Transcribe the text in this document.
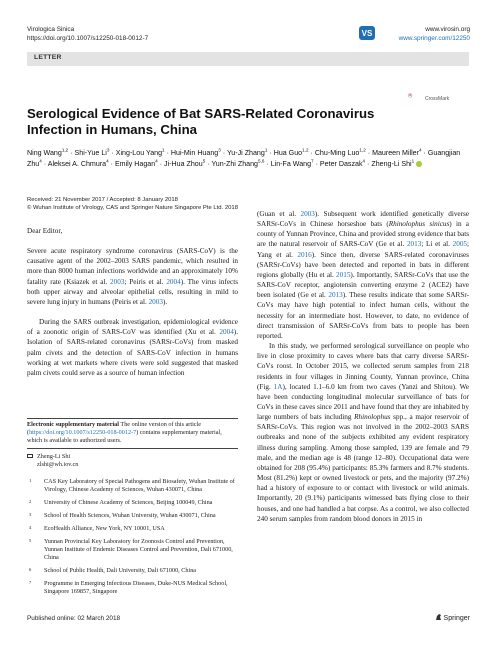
Virologica Sinica
https://doi.org/10.1007/s12250-018-0012-7
VS	www.virosin.org
www.springer.com/12250
LETTER
CrossMark
Serological Evidence of Bat SARS-Related Coronavirus Infection in Humans, China
Ning Wang$^{1,2}$ · Shi-Yue $Li^3$ · Xing-Lou Yang$^1$ · Hui-Min Huang$^3$ · Yu-Ji Zhang$^1$ · Hua Guo$^{1,2}$ · Chu-Ming Luo$^{1,2}$ · Maureen Miller$^4$ · Guangjian Zhu$^4$ · Aleksei A. Chmura$^4$ · Emily Hagan$^4$ · Ji-Hua Zhou$^5$ · Yun-Zhi Zhang$^{5,6}$ · Lin-Fa Wang$^7$ · Peter Daszak$^4$ · Zheng-Li Shi$^1$
Received: 21 November 2017 / Accepted: 8 January 2018
© Wuhan Institute of Virology, CAS and Springer Nature Singapore Pte Ltd. 2018

Dear Editor,

Severe acute respiratory syndrome coronavirus (SARS-CoV) is the causative agent of the 2002–2003 SARS pandemic, which resulted in more than 8000 human infections worldwide and an approximately 10% fatality rate (Ksiazek et al. 2003; Peiris et al. 2004). The virus infects both upper airway and alveolar epithelial cells, resulting in mild to severe lung injury in humans (Peiris et al. 2003).

During the SARS outbreak investigation, epidemiological evidence of a zoonotic origin of SARS-CoV was identified (Xu et al. 2004). Isolation of SARS-related coronavirus (SARSr-CoVs) from masked palm civets and the detection of SARS-CoV infection in humans working at wet markets where civets were sold suggested that masked palm civets could serve as a source of human infection

Electronic supplementary material The online version of this article (https://doi.org/10.1007/s12250-018-0012-7) contains supplementary material, which is available to authorized users.
Zheng-Li Shi
zlshi@wh.iov.cn
1 CAS Key Laboratory of Special Pathogens and Biosafety, Wuhan Institute of Virology, Chinese Academy of Sciences, Wuhan 430071, China
2 University of Chinese Academy of Sciences, Beijing 100049, China
3 School of Health Sciences, Wuhan University, Wuhan 430071, China
4 EcoHealth Alliance, New York, NY 10001, USA
5 Yunnan Provincial Key Laboratory for Zoonosis Control and Prevention, Yunnan Institute of Endemic Diseases Control and Prevention, Dali 671000, China
6 School of Public Health, Dali University, Dali 671000, China
7 Programme in Emerging Infectious Diseases, Duke-NUS Medical School, Singapore 169857, Singapore

(Guan et al. 2003). Subsequent work identified genetically diverse SARSr-CoVs in Chinese horseshoe bats (Rhinolophus sinicus) in a county of Yunnan Province, China and provided strong evidence that bats are the natural reservoir of SARS-CoV (Ge et al. 2013; Li et al. 2005; Yang et al. 2016). Since then, diverse SARS-related coronaviruses (SARSr-CoVs) have been detected and reported in bats in different regions globally (Hu et al. 2015). Importantly, SARSr-CoVs that use the SARS-CoV receptor, angiotensin converting enzyme 2 (ACE2) have been isolated (Ge et al. 2013). These results indicate that some SARSr-CoVs may have high potential to infect human cells, without the necessity for an intermediate host. However, to date, no evidence of direct transmission of SARSr-CoVs from bats to people has been reported.

In this study, we performed serological surveillance on people who live in close proximity to caves where bats that carry diverse SARSr-CoVs roost. In October 2015, we collected serum samples from 218 residents in four villages in Jinning County, Yunnan province, China (Fig. 1A), located 1.1–6.0 km from two caves (Yanzi and Shitou). We have been conducting longitudinal molecular surveillance of bats for CoVs in these caves since 2011 and have found that they are inhabited by large numbers of bats including Rhinolophus spp., a major reservoir of SARSr-CoVs. This region was not involved in the 2002–2003 SARS outbreaks and none of the subjects exhibited any evident respiratory illness during sampling. Among those sampled, 139 are female and 79 male, and the median age is 48 (range 12–80). Occupational data were obtained for 208 (95.4%) participants: 85.3% farmers and 8.7% students. Most (81.2%) kept or owned livestock or pets, and the majority (97.2%) had a history of exposure to or contact with livestock or wild animals. Importantly, 20 (9.1%) participants witnessed bats flying close to their houses, and one had handled a bat corpse. As a control, we also collected 240 serum samples from random blood donors in 2015 in

Published online: 02 March 2018	Springer
